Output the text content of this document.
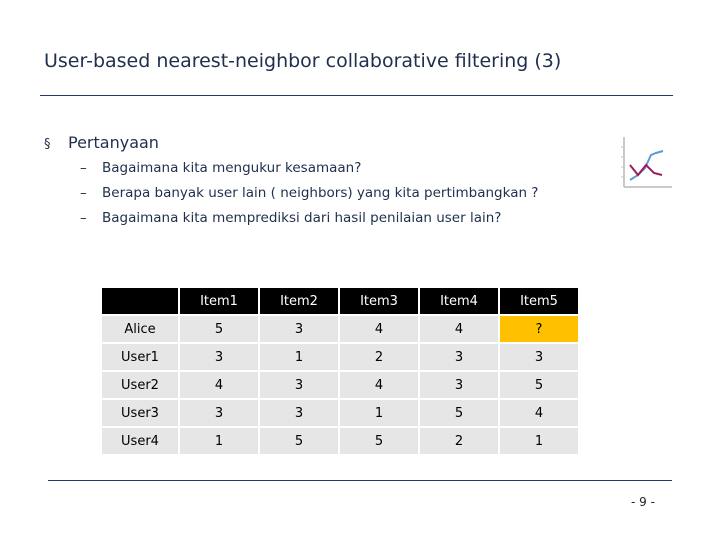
User-based nearest-neighbor collaborative filtering (3)
§ Pertanyaan
– Bagaimana kita mengukur kesamaan?
– Berapa banyak user lain ( neighbors) yang kita pertimbangkan ?
– Bagaimana kita memprediksi dari hasil penilaian user lain?
	Item1	Item2	Item3	Item4	Item5
Alice	5	3	4	4	?
User1	3	1	2	3	3
User2	4	3	4	3	5
User3	3	3	1	5	4
User4	1	5	5	2	1
- 9 -
